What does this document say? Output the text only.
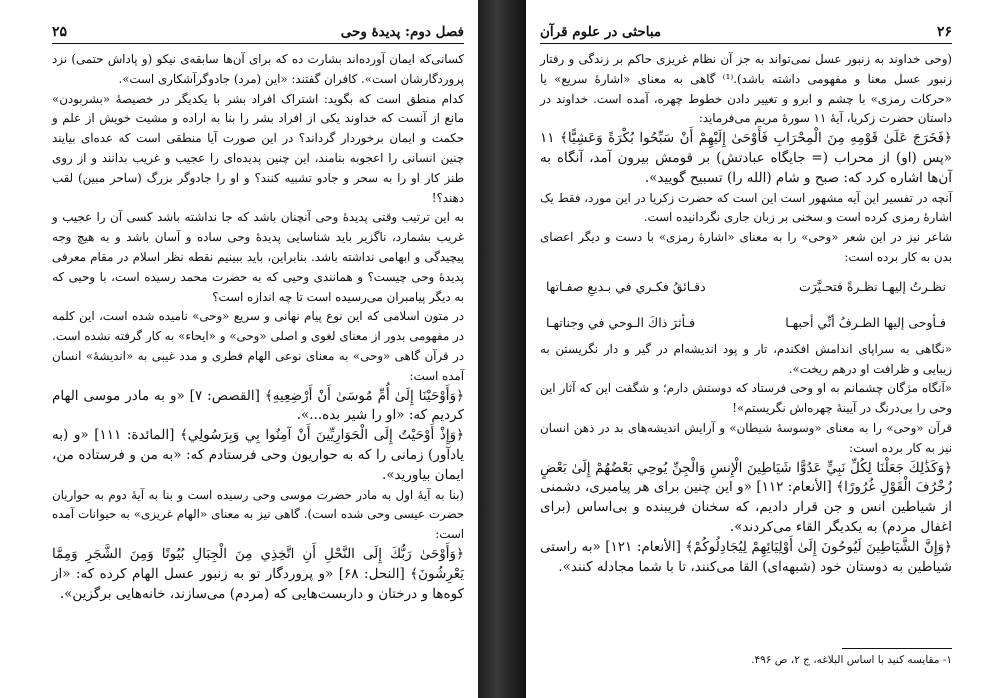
فصل دوم: پدیدهٔ وحی
۲۵

کسانی‌که ایمان آورده‌اند بشارت ده که برای آن‌ها سابقه‌ی نیکو (و پاداش حتمی) نزد پروردگارشان است». کافران گفتند: «این (مرد) جادوگرآشکاری است».

کدام منطق است که بگوید: اشتراک افراد بشر با یکدیگر در خصیصهٔ «بشربودن» مانع از آنست که خداوند یکی از افراد بشر را بنا به اراده و مشیت خویش از علم و حکمت و ایمان برخوردار گرداند؟ در این صورت آیا منطقی است که عده‌ای بیایند چنین انسانی را اعجوبه بنامند، این چنین پدیده‌ای را عجیب و غریب بدانند و از روی طنز کار او را به سحر و جادو تشبیه کنند؟ و او را جادوگر بزرگ (ساحر مبین) لقب دهند؟!

به این ترتیب وقتی پدیدهٔ وحی آنچنان باشد که جا نداشته باشد کسی آن را عجیب و غریب بشمارد، ناگزیر باید شناسایی پدیدهٔ وحی ساده و آسان باشد و به هیچ وجه پیچیدگی و ابهامی نداشته باشد. بنابراین، باید ببینیم نقطه نظر اسلام در مقام معرفی پدیدهٔ وحی چیست؟ و همانندی وحیی که به حضرت محمد رسیده است، با وحیی که به دیگر پیامبران می‌رسیده است تا چه اندازه است؟

در متون اسلامی که این نوع پیام نهانی و سریع «وحی» نامیده شده است، این کلمه در مفهومی بدور از معنای لغوی و اصلی «وحی» و «ایحاء» به کار گرفته نشده است. در قرآن گاهی «وحی» به معنای نوعی الهام فطری و مدد غیبی به «اندیشهٔ» انسان آمده است:

﴿وَأَوْحَيْنَا إِلَىٰ أُمِّ مُوسَىٰ أَنْ أَرْضِعِيهِ﴾ [القصص: ۷] «و به مادر موسی الهام کردیم که: «او را شیر بده...».

﴿وَإِذْ أَوْحَيْتُ إِلَى الْحَوَارِيِّينَ أَنْ آمِنُوا بِي وَبِرَسُولِي﴾ [المائدة: ۱۱۱] «و (به یادآور) زمانی را که به حواریون وحی فرستادم که: «به من و فرستاده من، ایمان بیاورید».

(بنا به آیهٔ اول به مادر حضرت موسی وحی رسیده است و بنا به آیهٔ دوم به حواریان حضرت عیسی وحی شده است). گاهی نیز به معنای «الهام غریزی» به حیوانات آمده است:

﴿وَأَوْحَىٰ رَبُّكَ إِلَى النَّحْلِ أَنِ اتَّخِذِي مِنَ الْجِبَالِ بُيُوتًا وَمِنَ الشَّجَرِ وَمِمَّا يَعْرِشُونَ﴾ [النحل: ۶۸] «و پروردگار تو به زنبور عسل الهام کرده که: «از کوه‌ها و درختان و داربست‌هایی که (مردم) می‌سازند، خانه‌هایی برگزین».

۲۶
مباحثی در علوم قرآن

(وحی خداوند به زنبور عسل نمی‌تواند به جز آن نظام غریزی حاکم بر زندگی و رفتار زنبور عسل معنا و مفهومی داشته باشد).⁽¹⁾ گاهی به معنای «اشارهٔ سریع» یا «حرکات رمزی» با چشم و ابرو و تغییر دادن خطوط چهره، آمده است. خداوند در داستان حضرت زکریا، آیهٔ ۱۱ سورهٔ مریم می‌فرماید:

﴿فَخَرَجَ عَلَىٰ قَوْمِهِ مِنَ الْمِحْرَابِ فَأَوْحَىٰ إِلَيْهِمْ أَنْ سَبِّحُوا بُكْرَةً وَعَشِيًّا﴾ ۱۱ «پس (او) از محراب (= جایگاه عبادتش) بر قومش بیرون آمد، آنگاه به آن‌ها اشاره کرد که: صبح و شام (الله را) تسبیح گویید».

آنچه در تفسیر این آیه مشهور است این است که حضرت زکریا در این مورد، فقط یک اشارهٔ رمزی کرده است و سخنی بر زبان جاری نگردانیده است.

شاعر نیز در این شعر «وحی» را به معنای «اشارهٔ رمزی» با دست و دیگر اعضای بدن به کار برده است:

نظـرتُ إليهـا نظـرةً فتحـيَّرَت
دقـائقُ فكـري في بـديعِ صفـاتها
فـأوحى إليها الطـرفُ أنِّي أحبهـا
فـأثرَ ذاكَ الـوحي في وجناتهـا

«نگاهی به سراپای اندامش افکندم، تار و پود اندیشه‌ام در گیر و دار نگریستن به زیبایی و ظرافت او درهم ریخت».

«آنگاه مژگان چشمانم به او وحی فرستاد که دوستش دارم؛ و شگفت این که آثار این وحی را بی‌درنگ در آیینهٔ چهره‌اش نگریستم»!

قرآن «وحی» را به معنای «وسوسهٔ شیطان» و آرایش اندیشه‌های بد در ذهن انسان نیز به کار برده است:

﴿وَكَذَٰلِكَ جَعَلْنَا لِكُلِّ نَبِيٍّ عَدُوًّا شَيَاطِينَ الْإِنسِ وَالْجِنِّ يُوحِي بَعْضُهُمْ إِلَىٰ بَعْضٍ زُخْرُفَ الْقَوْلِ غُرُورًا﴾ [الأنعام: ۱۱۲] «و این چنین برای هر پیامبری، دشمنی از شیاطین انس و جن قرار دادیم، که سخنان فریبنده و بی‌اساس (برای اغفال مردم) به یکدیگر القاء می‌کردند».

﴿وَإِنَّ الشَّيَاطِينَ لَيُوحُونَ إِلَىٰ أَوْلِيَائِهِمْ لِيُجَادِلُوكُمْ﴾ [الأنعام: ۱۲۱] «به راستی شیاطین به دوستان خود (شبهه‌ای) القا می‌کنند، تا با شما مجادله کنند».

۱- مقایسه کنید با اساس البلاغه، ج ۲، ص ۴۹۶.
